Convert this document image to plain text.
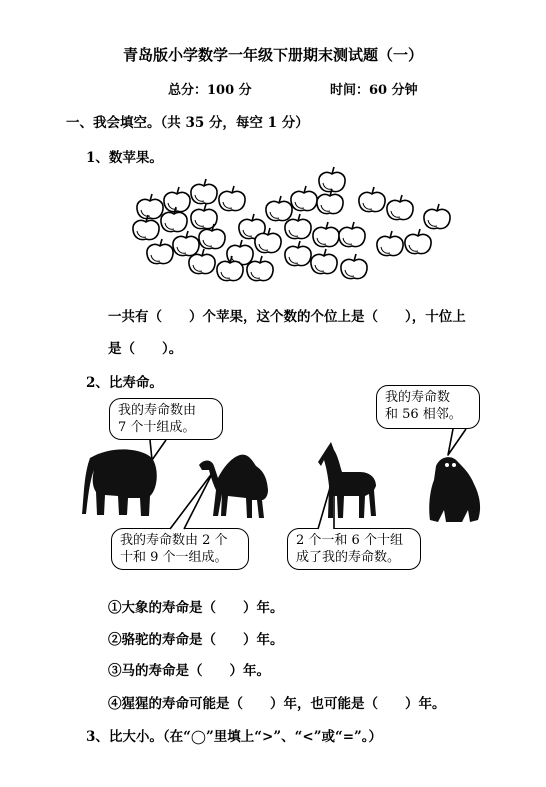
青岛版小学数学一年级下册期末测试题（一）
总分：100 分	时间：60 分钟
一、我会填空。（共 35 分，每空 1 分）
1、数苹果。
一共有（　　）个苹果，这个数的个位上是（　　），十位上
是（　　）。
2、比寿命。
我的寿命数由
7 个十组成。
我的寿命数
和 56 相邻。
我的寿命数由 2 个
十和 9 个一组成。
2 个一和 6 个十组
成了我的寿命数。
①大象的寿命是（　　）年。
②骆驼的寿命是（　　）年。
③马的寿命是（　　）年。
④猩猩的寿命可能是（　　）年，也可能是（　　）年。
3、比大小。（在“◯”里填上“>”、“<”或“=”。）
